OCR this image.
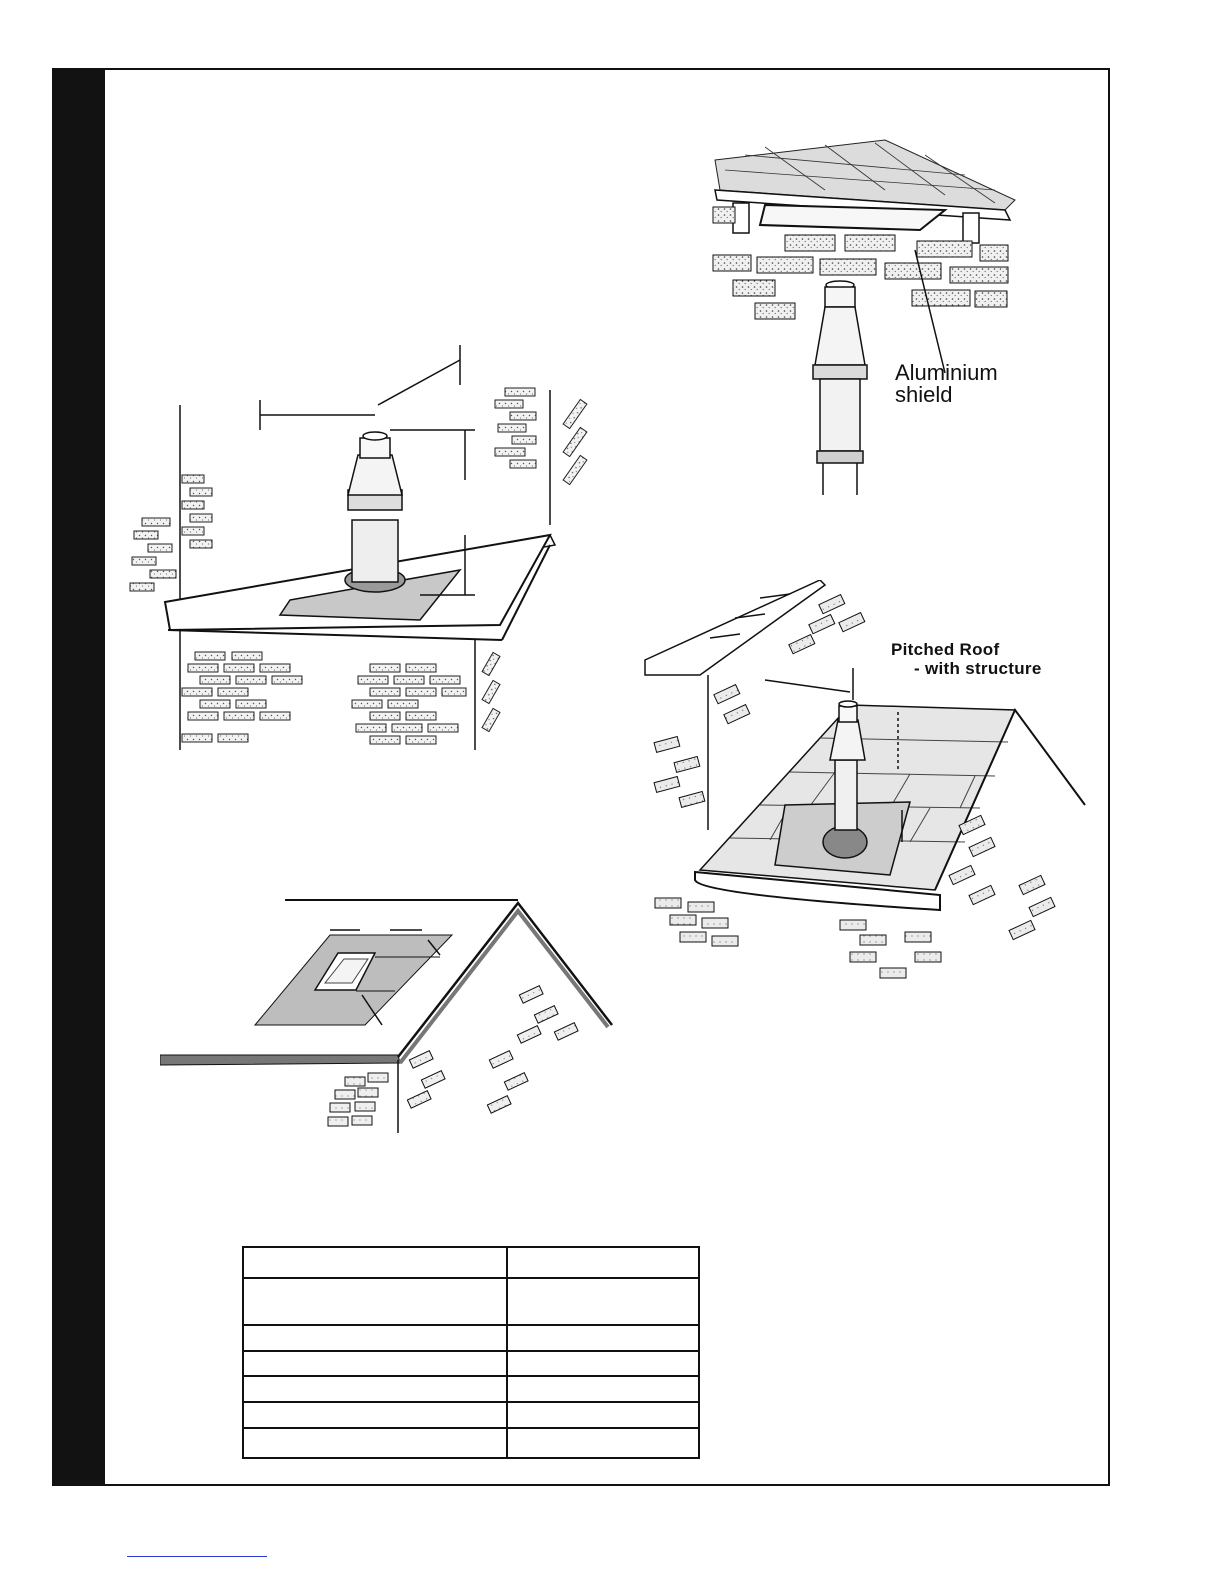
Aluminium
shield
Pitched Roof
- with structure
